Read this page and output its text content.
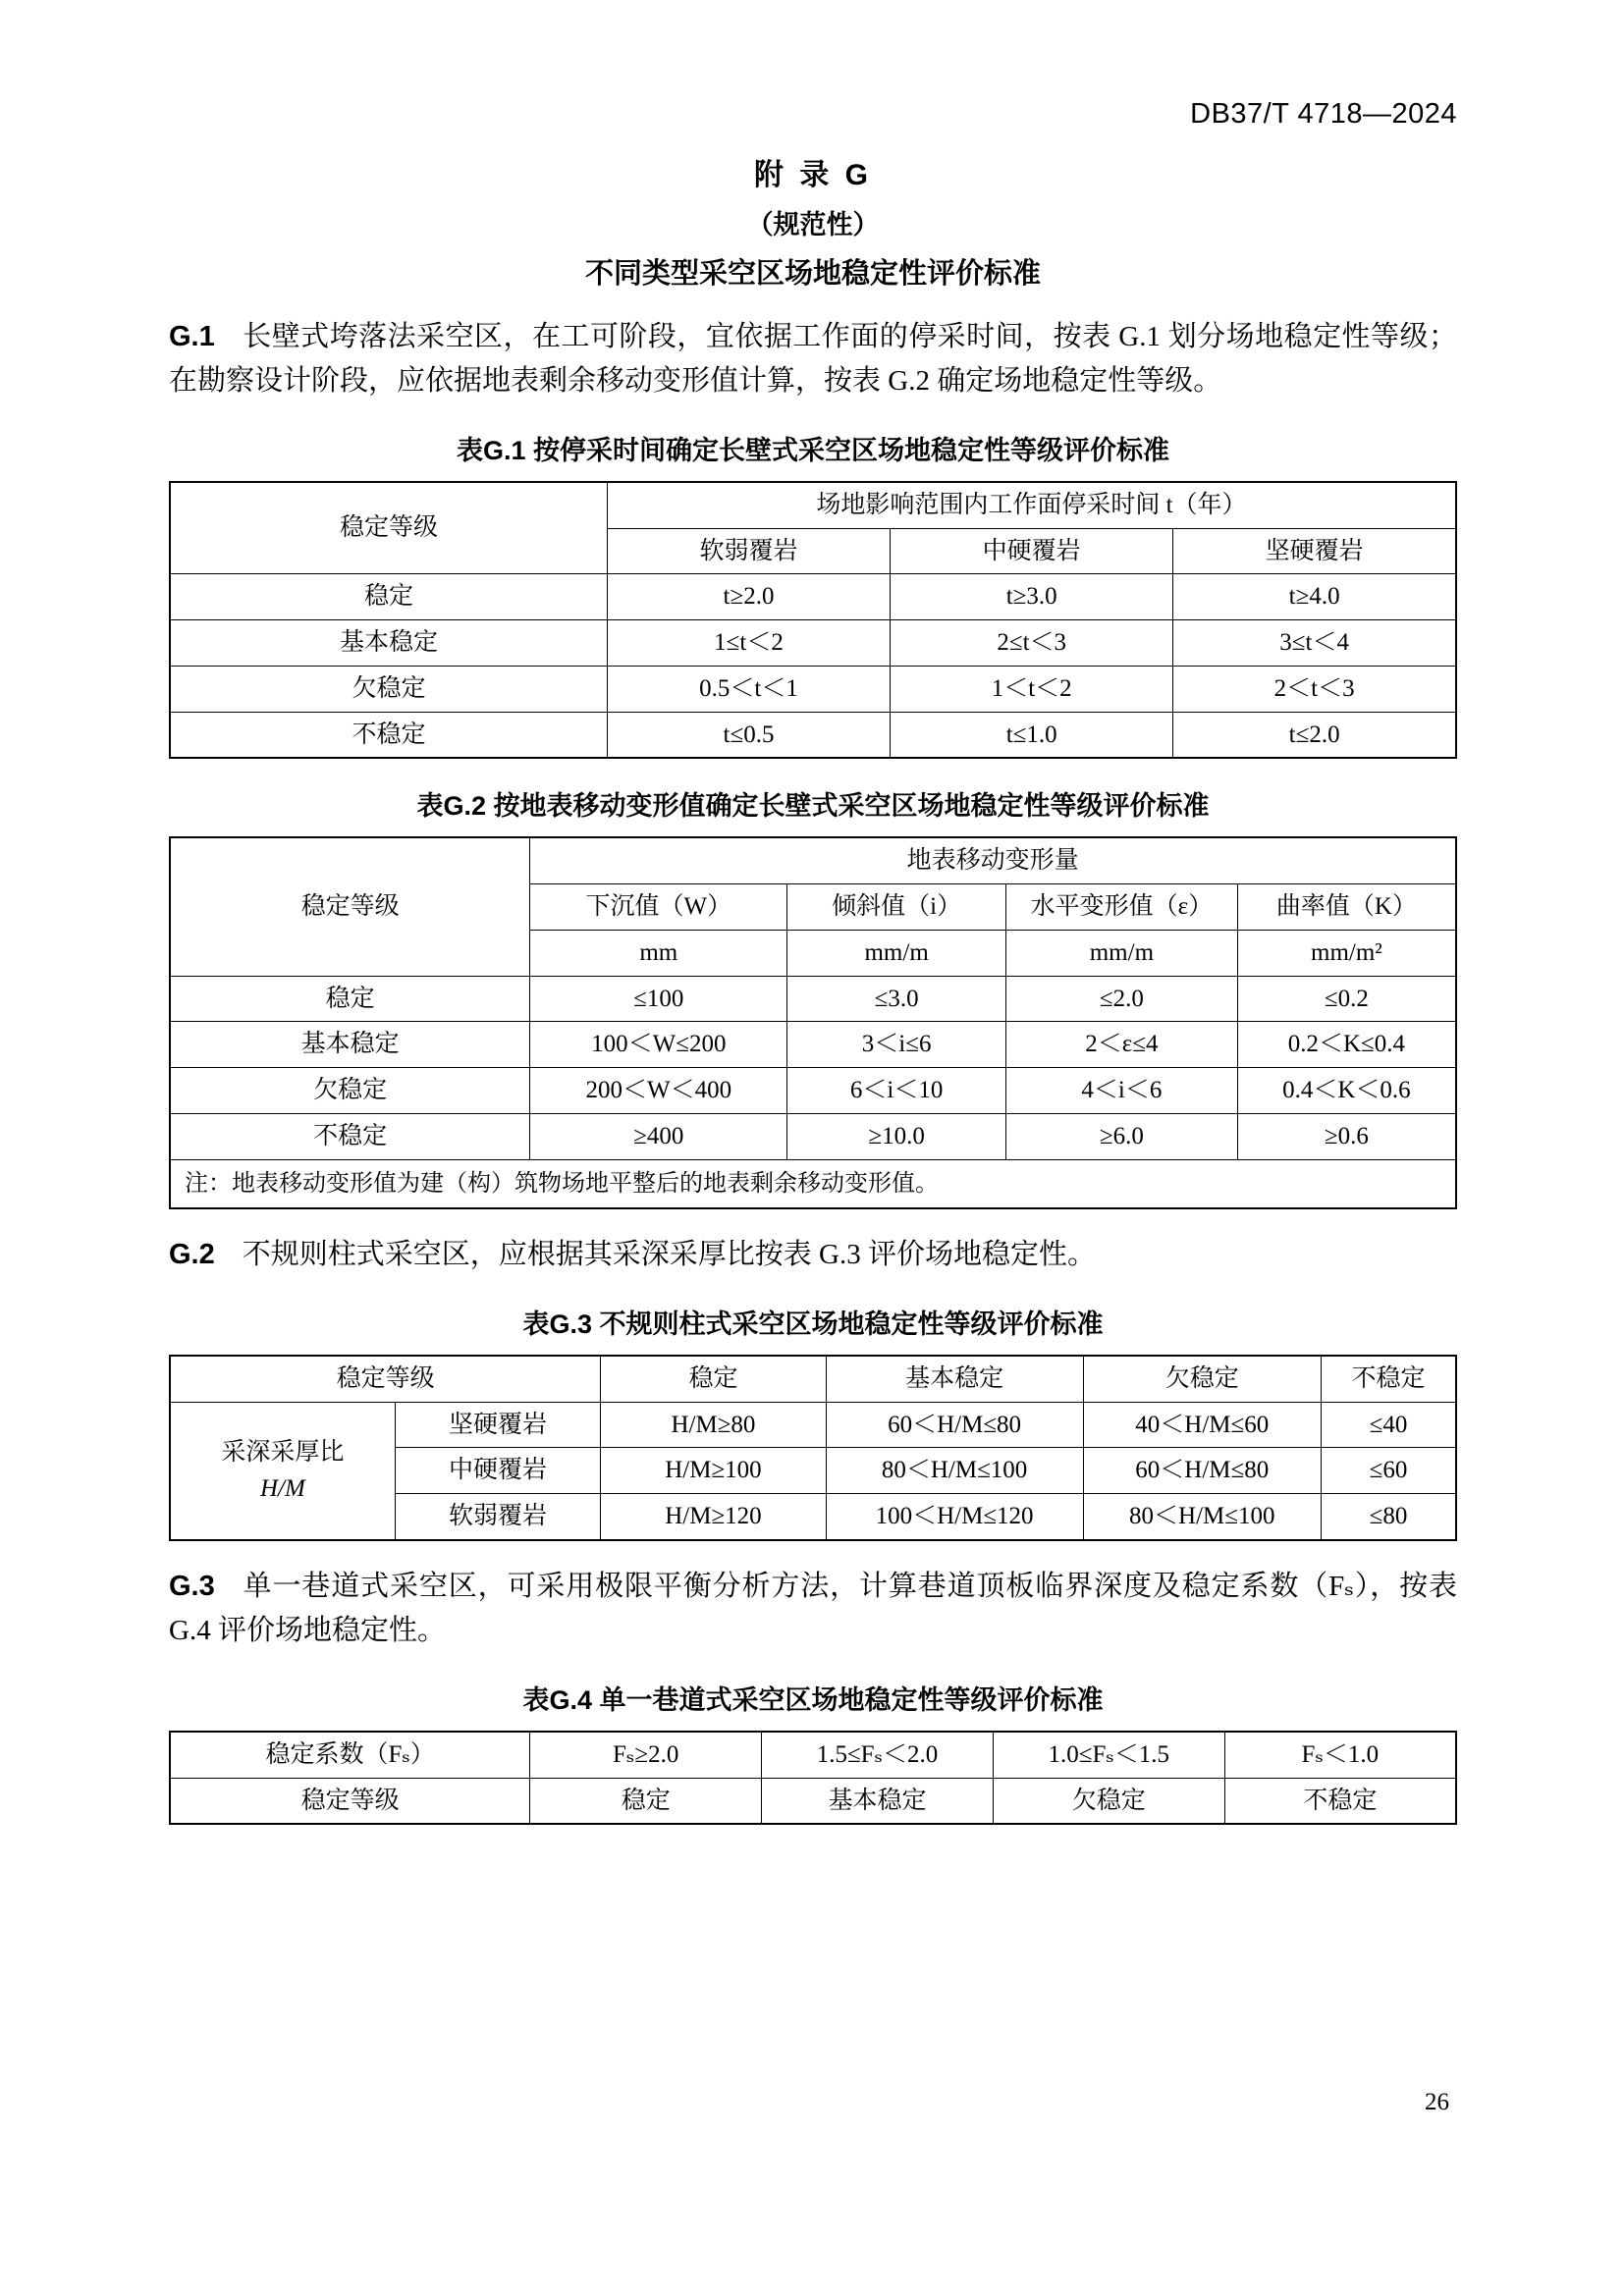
DB37/T 4718—2024
附 录 G
（规范性）
不同类型采空区场地稳定性评价标准

G.1 长壁式垮落法采空区，在工可阶段，宜依据工作面的停采时间，按表 G.1 划分场地稳定性等级；在勘察设计阶段，应依据地表剩余移动变形值计算，按表 G.2 确定场地稳定性等级。

表G.1 按停采时间确定长壁式采空区场地稳定性等级评价标准
稳定等级	场地影响范围内工作面停采时间 t（年）		
	软弱覆岩	中硬覆岩	坚硬覆岩
稳定	t≥2.0	t≥3.0	t≥4.0
基本稳定	1≤t＜2	2≤t＜3	3≤t＜4
欠稳定	0.5＜t＜1	1＜t＜2	2＜t＜3
不稳定	t≤0.5	t≤1.0	t≤2.0
表G.2 按地表移动变形值确定长壁式采空区场地稳定性等级评价标准
稳定等级	地表移动变形量			
	下沉值（W）	倾斜值（i）	水平变形值（ε）	曲率值（K）
	mm	mm/m	mm/m	mm/m²
稳定	≤100	≤3.0	≤2.0	≤0.2
基本稳定	100＜W≤200	3＜i≤6	2＜ε≤4	0.2＜K≤0.4
欠稳定	200＜W＜400	6＜i＜10	4＜i＜6	0.4＜K＜0.6
不稳定	≥400	≥10.0	≥6.0	≥0.6
注：地表移动变形值为建（构）筑物场地平整后的地表剩余移动变形值。				

G.2 不规则柱式采空区，应根据其采深采厚比按表 G.3 评价场地稳定性。

表G.3 不规则柱式采空区场地稳定性等级评价标准
稳定等级		稳定	基本稳定	欠稳定	不稳定

采深采厚比
H/M	坚硬覆岩	H/M≥80	60＜H/M≤80	40＜H/M≤60	≤40
	中硬覆岩	H/M≥100	80＜H/M≤100	60＜H/M≤80	≤60
	软弱覆岩	H/M≥120	100＜H/M≤120	80＜H/M≤100	≤80

G.3 单一巷道式采空区，可采用极限平衡分析方法，计算巷道顶板临界深度及稳定系数（Fₛ），按表 G.4 评价场地稳定性。

表G.4 单一巷道式采空区场地稳定性等级评价标准
稳定系数（Fₛ）	Fₛ≥2.0	1.5≤Fₛ＜2.0	1.0≤Fₛ＜1.5	Fₛ＜1.0
稳定等级	稳定	基本稳定	欠稳定	不稳定
26
